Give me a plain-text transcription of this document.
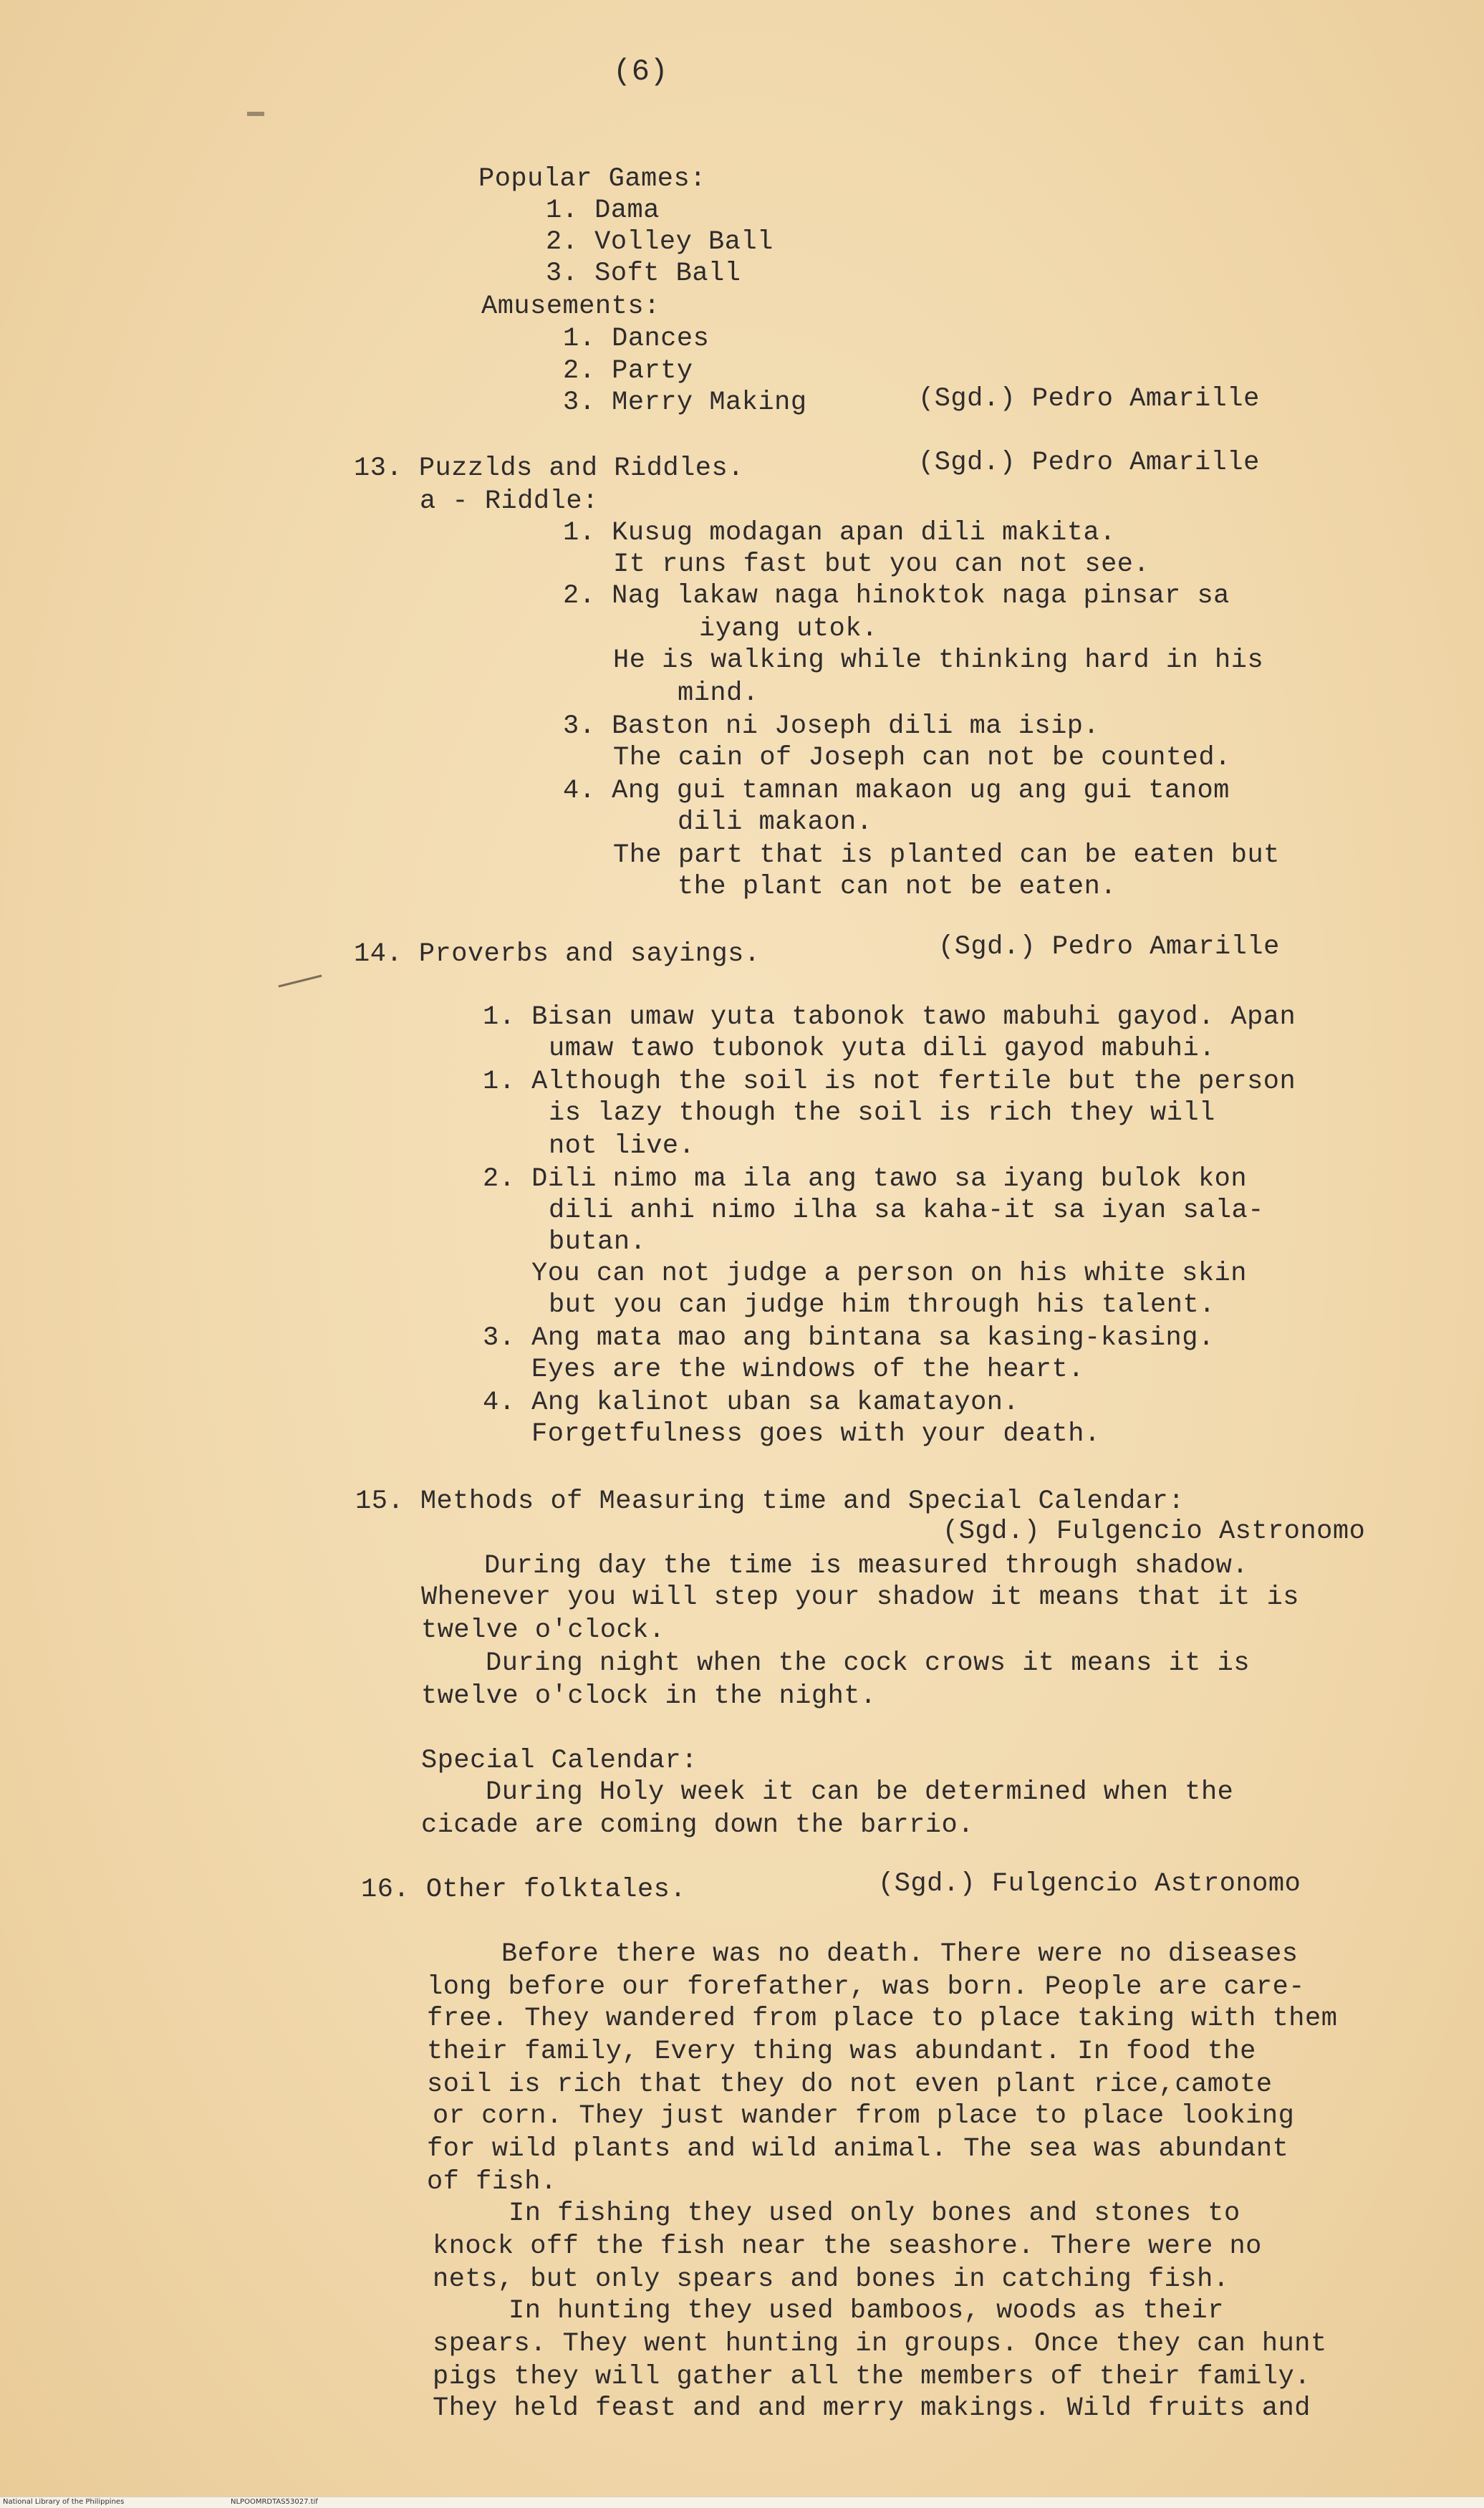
(6)
Popular Games:
1. Dama
2. Volley Ball
3. Soft Ball
Amusements:
1. Dances
2. Party
3. Merry Making	(Sgd.) Pedro Amarille
13. Puzzlds and Riddles.	(Sgd.) Pedro Amarille
a - Riddle:
1. Kusug modagan apan dili makita.
It runs fast but you can not see.
2. Nag lakaw naga hinoktok naga pinsar sa
iyang utok.
He is walking while thinking hard in his
mind.
3. Baston ni Joseph dili ma isip.
The cain of Joseph can not be counted.
4. Ang gui tamnan makaon ug ang gui tanom
dili makaon.
The part that is planted can be eaten but
the plant can not be eaten.
14. Proverbs and sayings.	(Sgd.) Pedro Amarille
1. Bisan umaw yuta tabonok tawo mabuhi gayod. Apan
umaw tawo tubonok yuta dili gayod mabuhi.
1. Although the soil is not fertile but the person
is lazy though the soil is rich they will
not live.
2. Dili nimo ma ila ang tawo sa iyang bulok kon
dili anhi nimo ilha sa kaha-it sa iyan sala-
butan.
You can not judge a person on his white skin
but you can judge him through his talent.
3. Ang mata mao ang bintana sa kasing-kasing.
Eyes are the windows of the heart.
4. Ang kalinot uban sa kamatayon.
Forgetfulness goes with your death.
15. Methods of Measuring time and Special Calendar:
(Sgd.) Fulgencio Astronomo
During day the time is measured through shadow.
Whenever you will step your shadow it means that it is
twelve o'clock.
During night when the cock crows it means it is
twelve o'clock in the night.
Special Calendar:
During Holy week it can be determined when the
cicade are coming down the barrio.
16. Other folktales.	(Sgd.) Fulgencio Astronomo
Before there was no death. There were no diseases
long before our forefather, was born. People are care-
free. They wandered from place to place taking with them
their family, Every thing was abundant. In food the
soil is rich that they do not even plant rice,camote
or corn. They just wander from place to place looking
for wild plants and wild animal. The sea was abundant
of fish.
In fishing they used only bones and stones to
knock off the fish near the seashore. There were no
nets, but only spears and bones in catching fish.
In hunting they used bamboos, woods as their
spears. They went hunting in groups. Once they can hunt
pigs they will gather all the members of their family.
They held feast and and merry makings. Wild fruits and
National Library of the Philippines	NLPOOMRDTAS53027.tif
